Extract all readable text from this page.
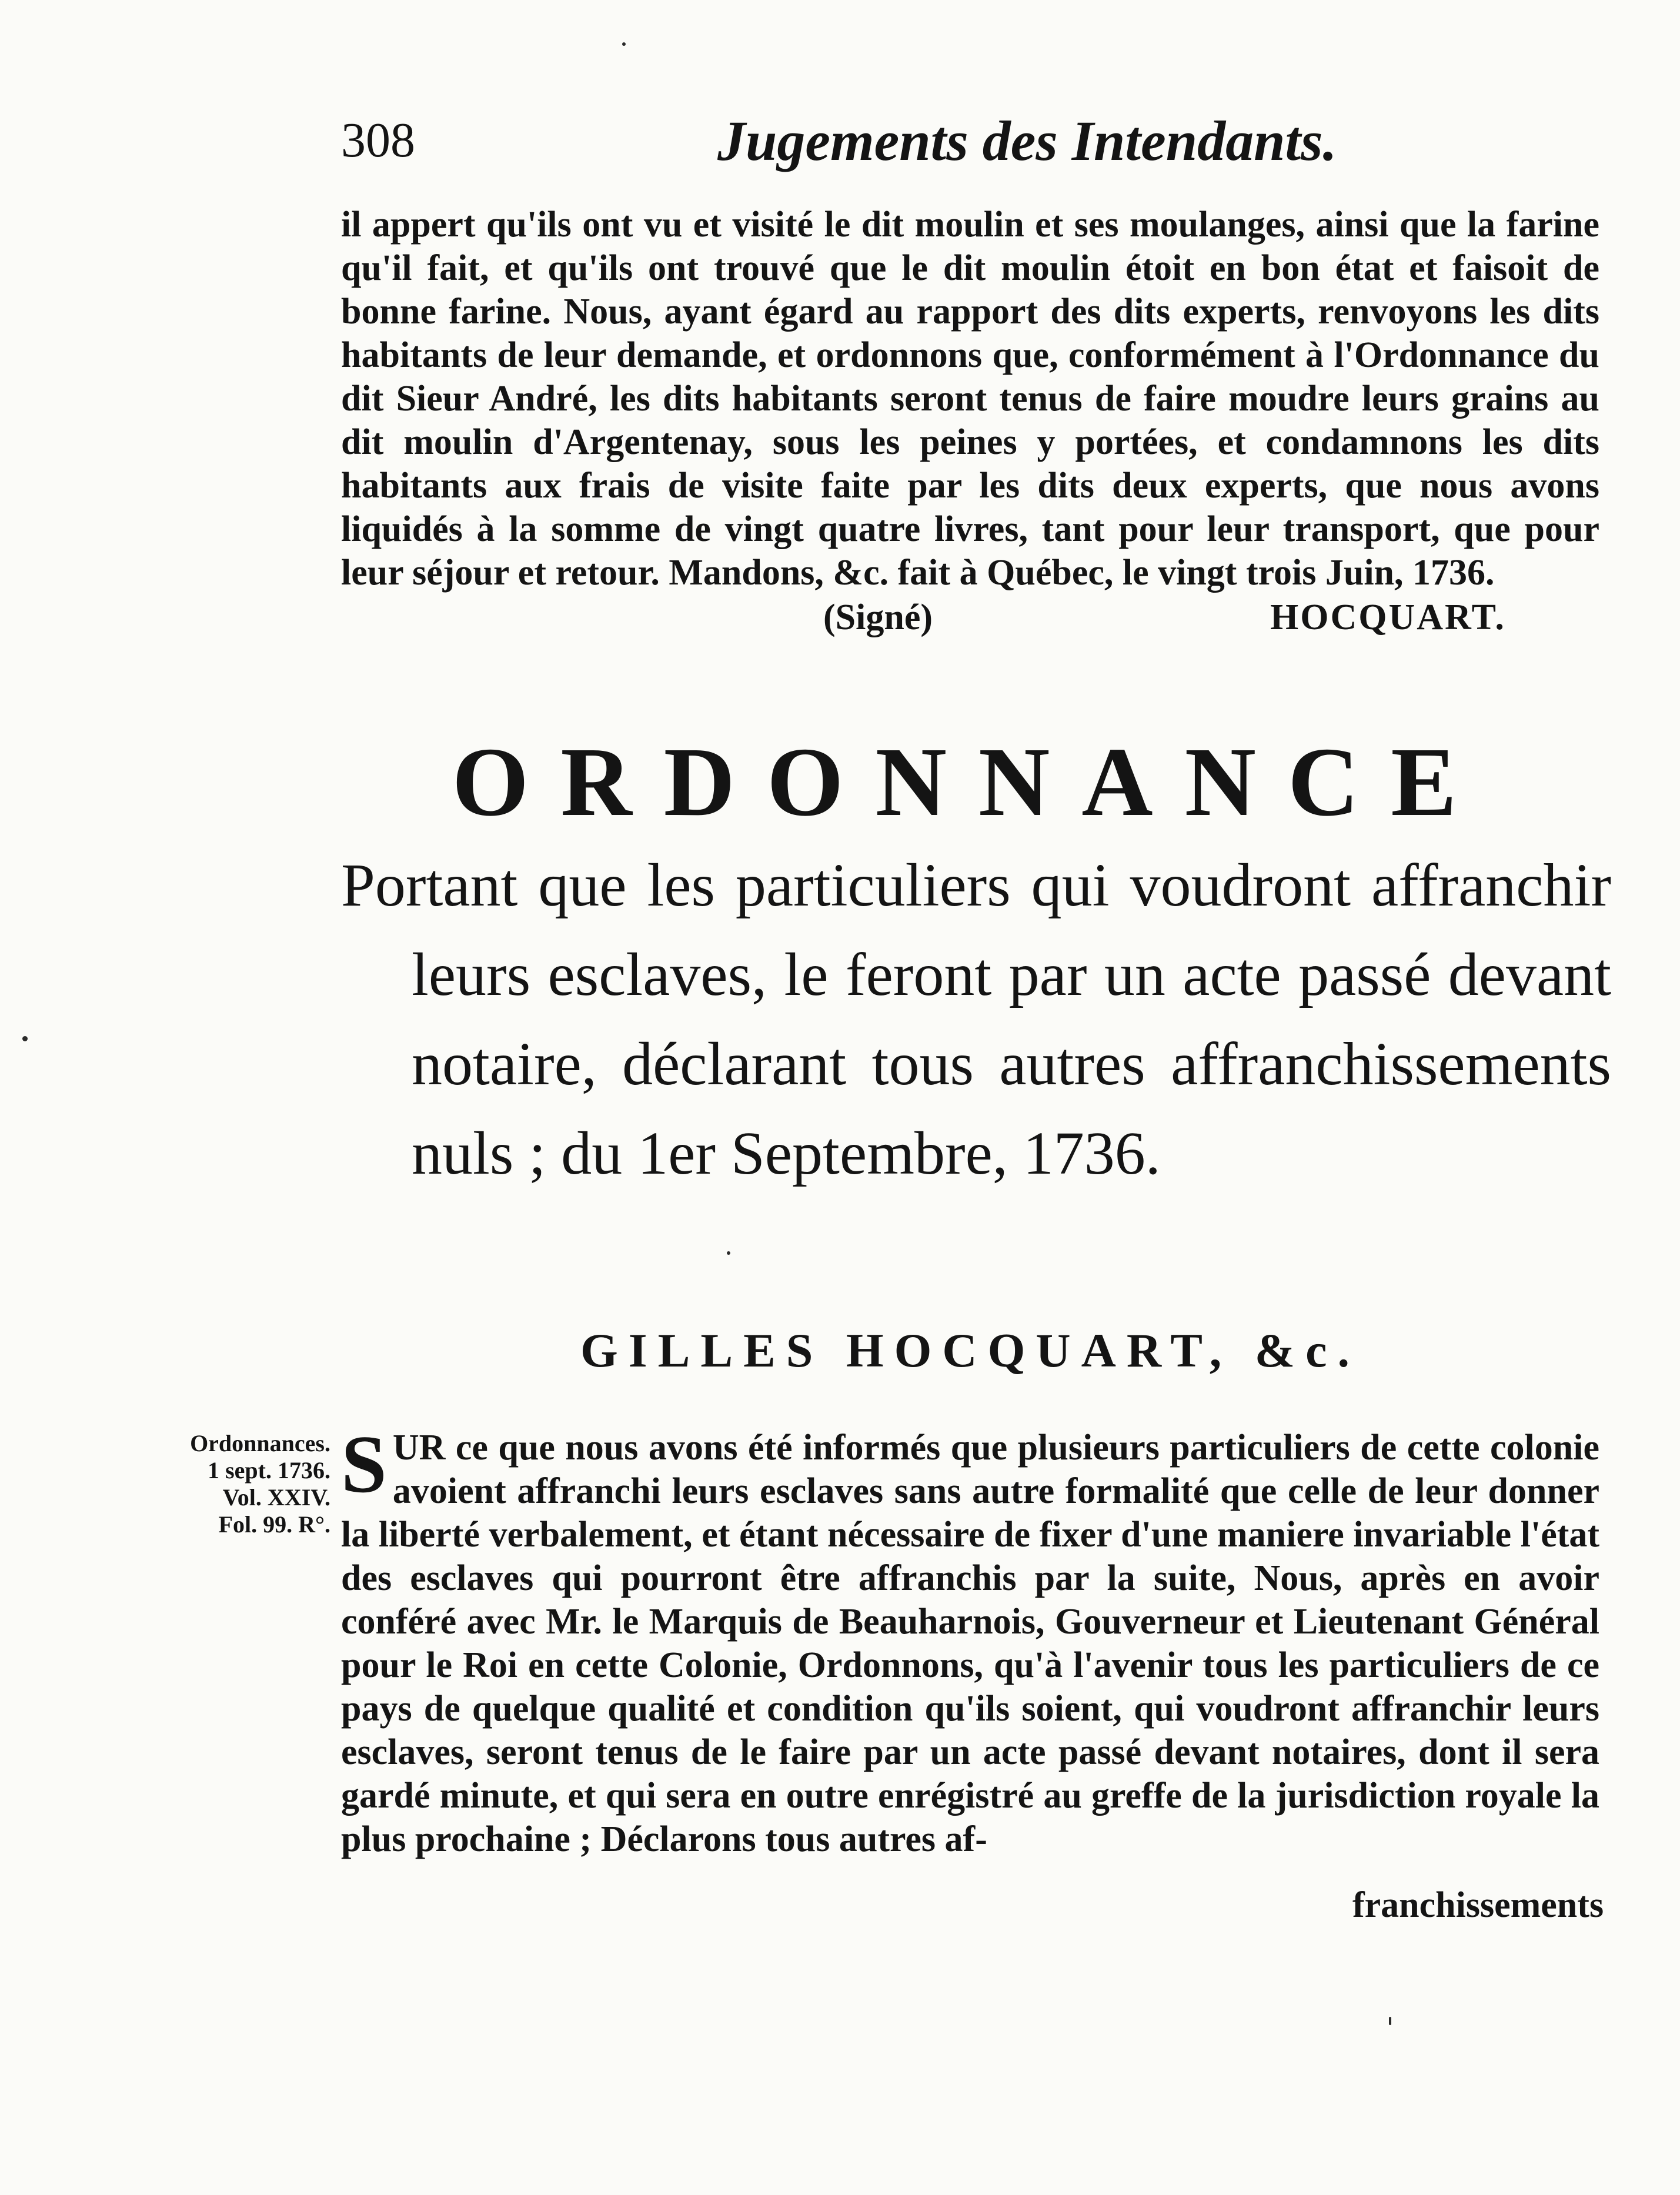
308	Jugements des Intendants.
il appert qu'ils ont vu et visité le dit moulin et ses moulanges, ainsi que la farine qu'il fait, et qu'ils ont trouvé que le dit moulin étoit en bon état et faisoit de bonne farine. Nous, ayant égard au rapport des dits experts, renvoyons les dits habitants de leur demande, et ordonnons que, conformément à l'Ordonnance du dit Sieur André, les dits habitants seront tenus de faire moudre leurs grains au dit moulin d'Argentenay, sous les peines y portées, et condamnons les dits habitants aux frais de visite faite par les dits deux experts, que nous avons liquidés à la somme de vingt quatre livres, tant pour leur transport, que pour leur séjour et retour. Mandons, &c. fait à Québec, le vingt trois Juin, 1736.
(Signé)	HOCQUART.
ORDONNANCE
Portant que les particuliers qui voudront affranchir leurs esclaves, le feront par un acte passé devant notaire, déclarant tous autres affranchissements nuls ; du 1er Septembre, 1736.
GILLES HOCQUART, &c.
Ordonnances.
1 sept. 1736.
Vol. XXIV.
Fol. 99. R°.
S UR ce que nous avons été informés que plusieurs particuliers de cette colonie avoient affranchi leurs esclaves sans autre formalité que celle de leur donner la liberté verbalement, et étant nécessaire de fixer d'une maniere invariable l'état des esclaves qui pourront être affranchis par la suite, Nous, après en avoir conféré avec Mr. le Marquis de Beauharnois, Gouverneur et Lieutenant Général pour le Roi en cette Colonie, Ordonnons, qu'à l'avenir tous les particuliers de ce pays de quelque qualité et condition qu'ils soient, qui voudront affranchir leurs esclaves, seront tenus de le faire par un acte passé devant notaires, dont il sera gardé minute, et qui sera en outre enrégistré au greffe de la jurisdiction royale la plus prochaine ; Déclarons tous autres af-
franchissements
